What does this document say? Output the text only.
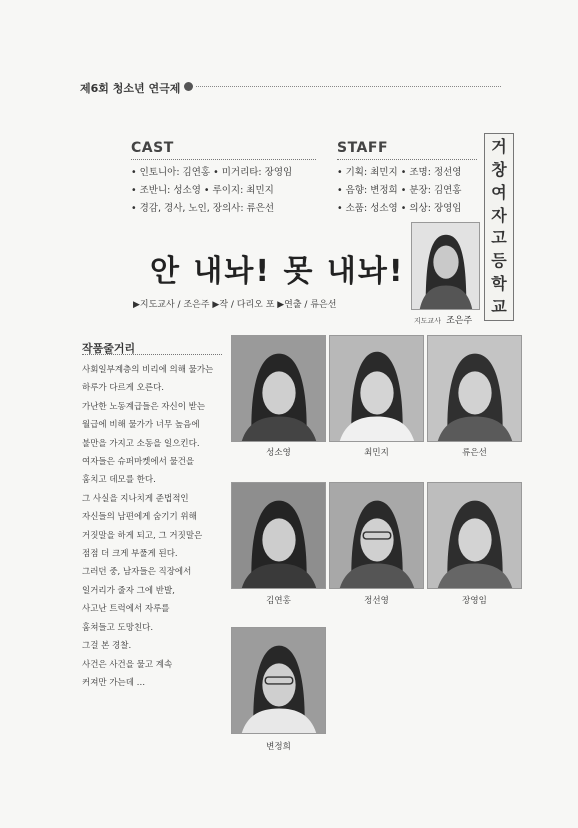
제6회 청소년 연극제
CAST
• 인토니아: 김연홍 • 미거리타: 장영임
• 조반니: 성소영 • 루이지: 최민지
• 경감, 경사, 노인, 장의사: 류은선
STAFF
• 기획: 최민지 • 조명: 정선영
• 음향: 변정희 • 분장: 김연홍
• 소품: 성소영 • 의상: 장영임
거
창
여
자
고
등
학
교
지도교사 조은주
안 내놔! 못 내놔!
▶지도교사 / 조은주 ▶작 / 다리오 포 ▶연출 / 류은선
작품줄거리
사회일부계층의 비리에 의해 물가는
하루가 다르게 오른다.
가난한 노동계급들은 자신이 받는
월급에 비해 물가가 너무 높음에
불만을 가지고 소동을 일으킨다.
여자들은 슈퍼마켓에서 물건을
훔치고 데모를 한다.
그 사실을 지나치게 준법적인
자신들의 남편에게 숨기기 위해
거짓말을 하게 되고, 그 거짓말은
점점 더 크게 부풀게 된다.
그러던 중, 남자들은 직장에서
일거리가 줄자 그에 반발,
사고난 트럭에서 자루를
훔쳐들고 도망친다.
그걸 본 경찰.
사건은 사건을 물고 계속
커져만 가는데 …
성소영	최민지	류은선
김연홍	정선영	장영임
변정희
